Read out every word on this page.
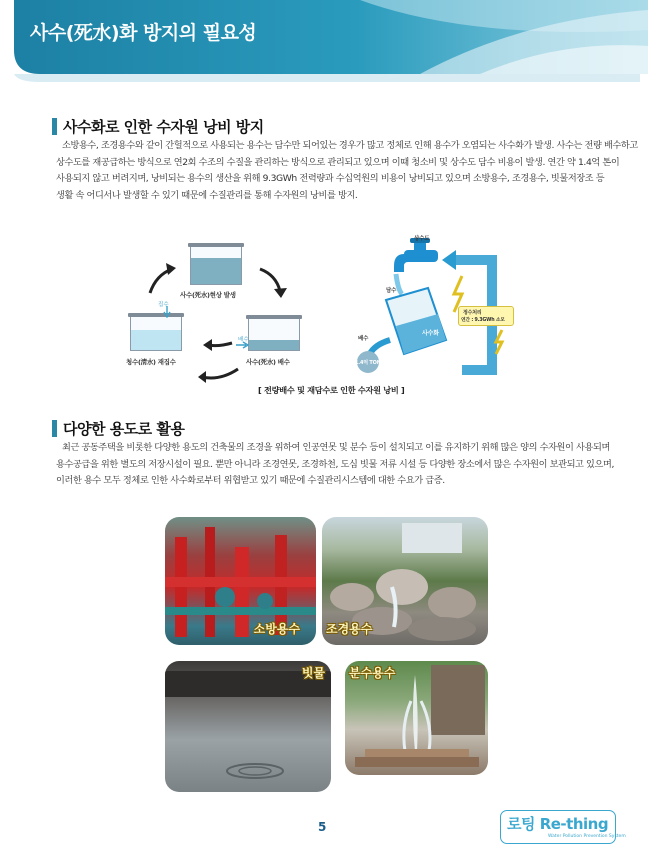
사수(死水)화 방지의 필요성
사수화로 인한 수자원 낭비 방지

소방용수, 조경용수와 같이 간헐적으로 사용되는 용수는 담수만 되어있는 경우가 많고 정체로 인해 용수가 오염되는 사수화가 발생. 사수는 전량 배수하고

상수도를 재공급하는 방식으로 연2회 수조의 수질을 관리하는 방식으로 관리되고 있으며 이때 청소비 및 상수도 담수 비용이 발생. 연간 약 1.4억 톤이

사용되지 않고 버려지며, 낭비되는 용수의 생산을 위해 9.3GWh 전력량과 수십억원의 비용이 낭비되고 있으며 소방용수, 조경용수, 빗물저장조 등

생활 속 어디서나 발생할 수 있기 때문에 수질관리를 통해 수자원의 낭비를 방지.

사수(死水)현상 발생
집수
청수(淸水) 재집수
배수
사수(死水) 배수
상수도
담수
배수
사수화
1.4억 TON
정수처리
연간 : 9.3GWh 소모
[ 전량배수 및 재담수로 인한 수자원 낭비 ]
다양한 용도로 활용

최근 공동주택을 비롯한 다양한 용도의 건축물의 조경을 위하여 인공연못 및 분수 등이 설치되고 이를 유지하기 위해 많은 양의 수자원이 사용되며

용수공급을 위한 별도의 저장시설이 필요. 뿐만 아니라 조경연못, 조경하천, 도심 빗물 저류 시설 등 다양한 장소에서 많은 수자원이 보관되고 있으며,

이러한 용수 모두 정체로 인한 사수화로부터 위협받고 있기 때문에 수질관리시스템에 대한 수요가 급증.

소방용수 조경용수
빗물 분수용수
5	로팅 Re-thing
Water Pollution Prevention System
